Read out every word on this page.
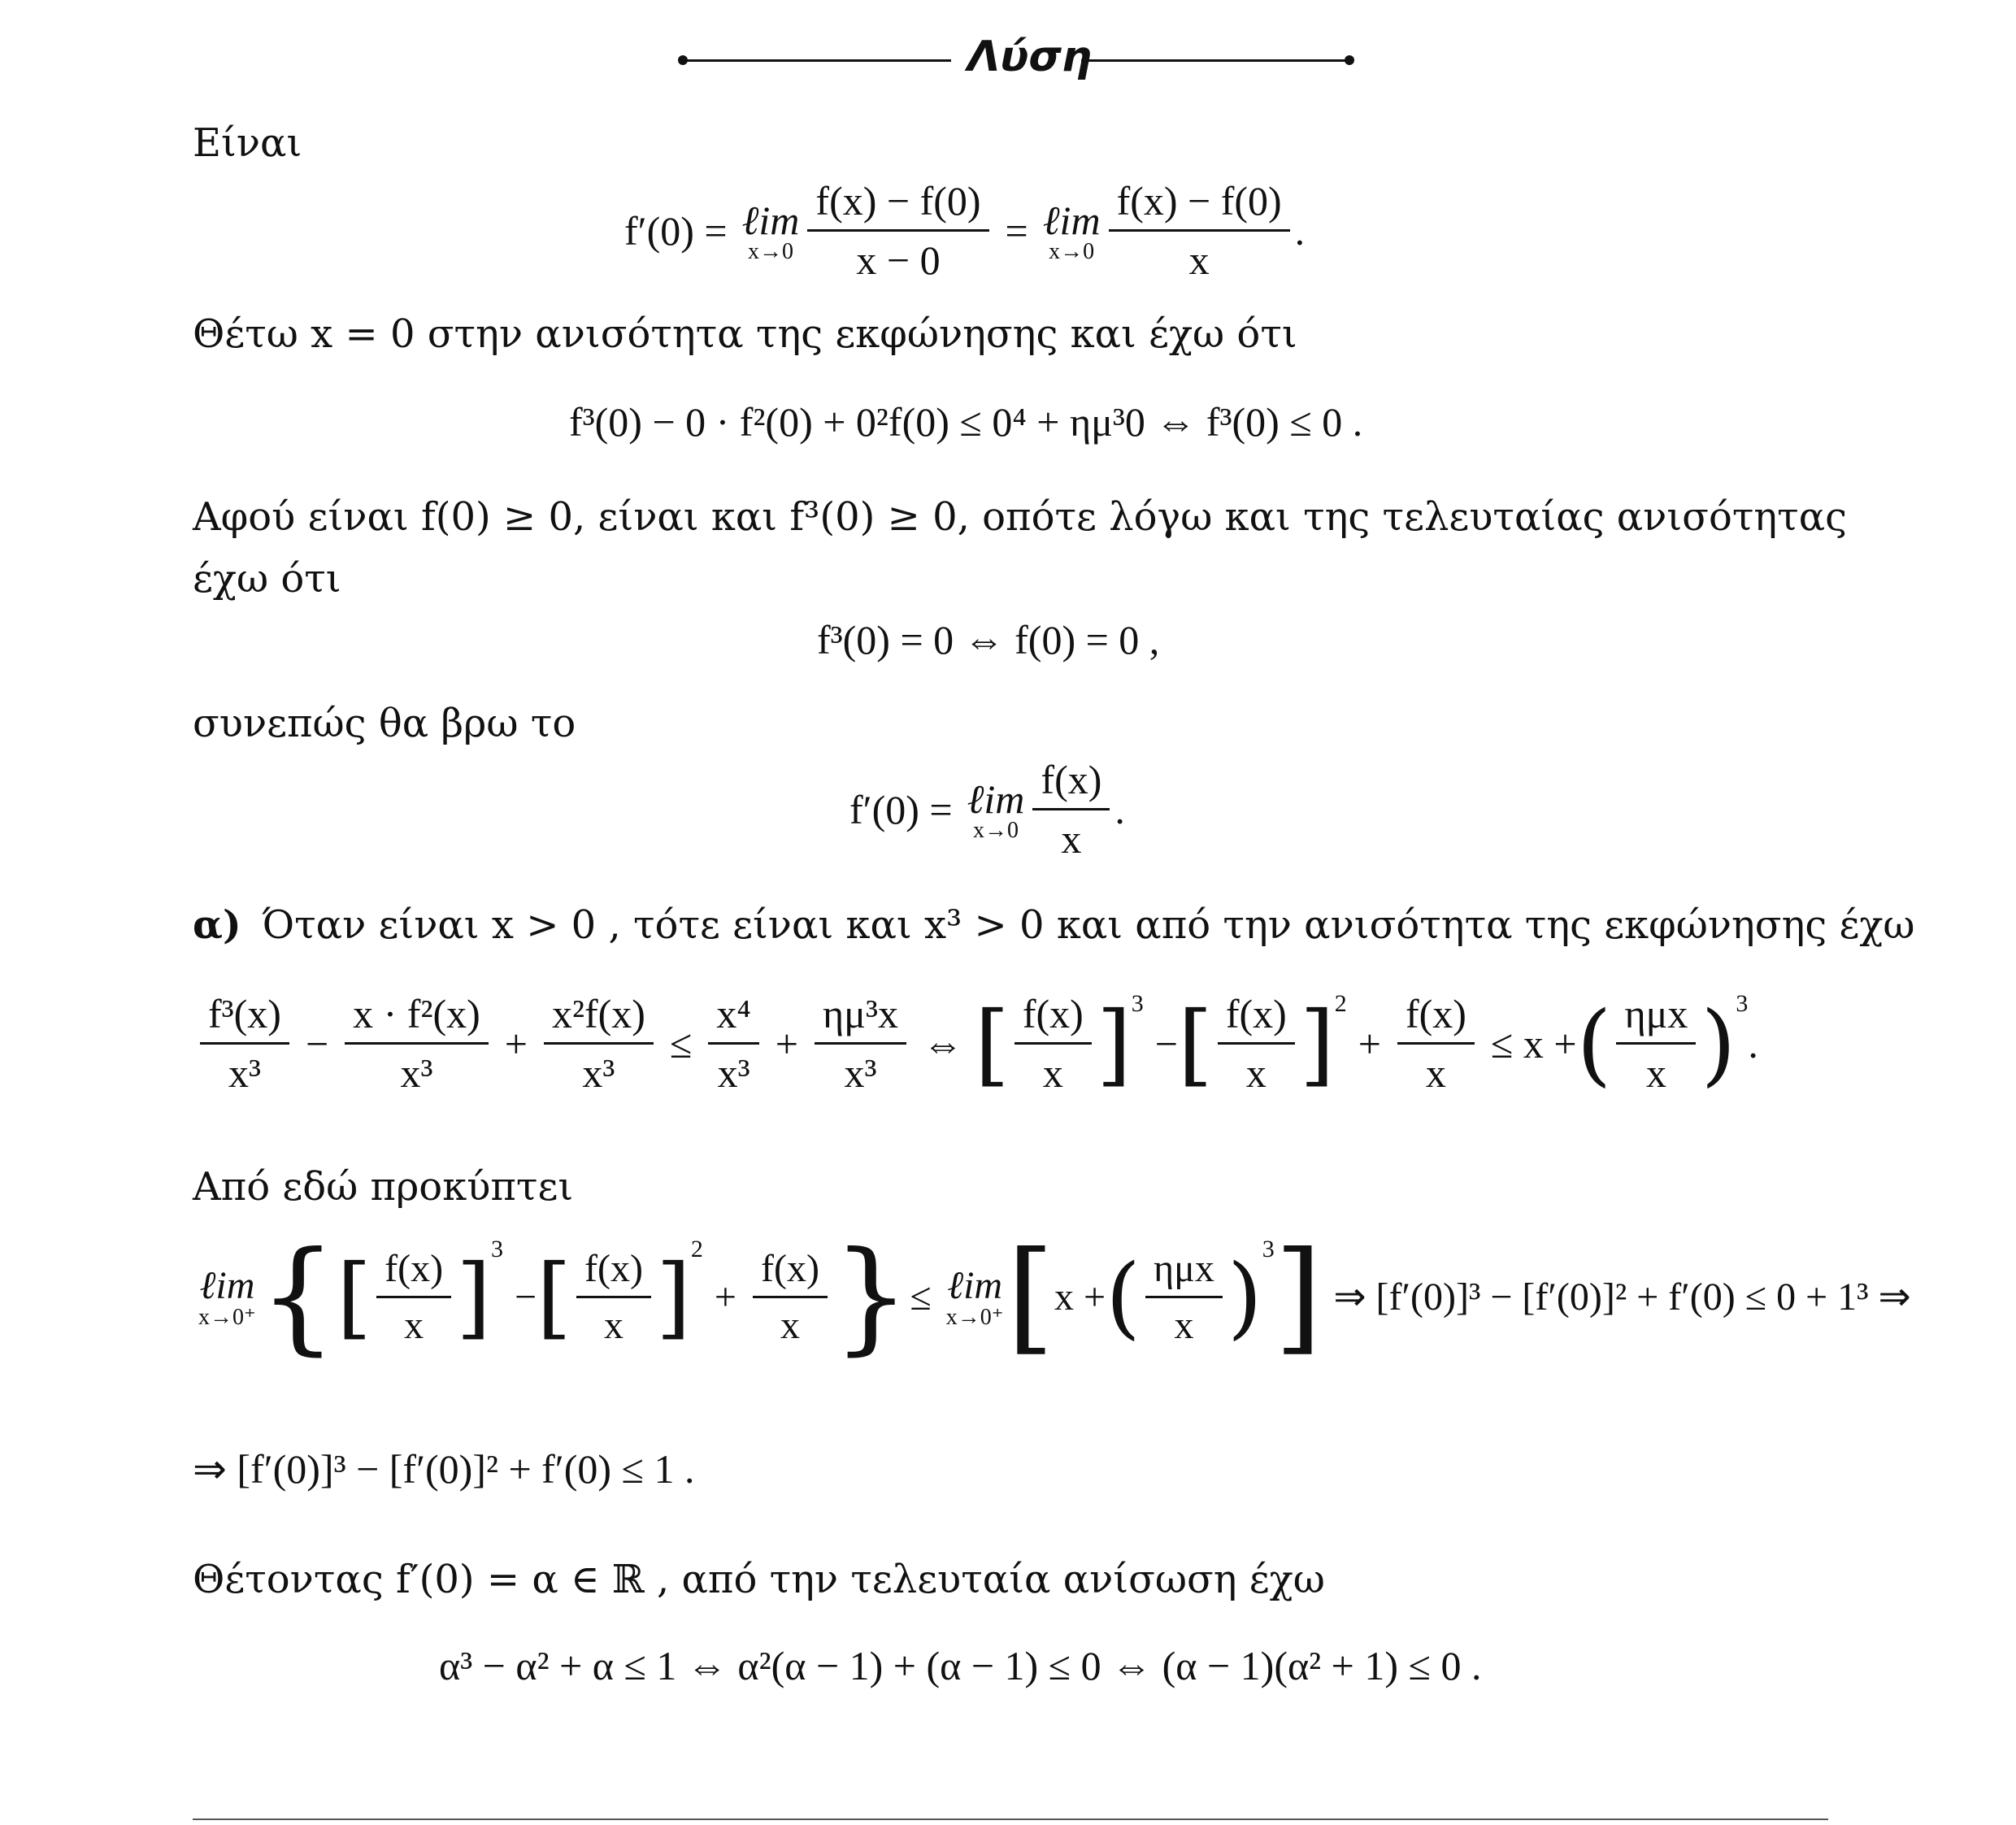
Λύση
Είναι
f′(0) = ℓim
$x\to 0 \frac{f(x) - f(0)}{x - 0}$ = ℓim
$x\to 0 \frac{f(x) - f(0)}{x}$ .
Θέτω x = 0 στην ανισότητα της εκφώνησης και έχω ότι
f³(0) − 0 · f²(0) + 0²f(0) ≤ 0⁴ + ημ³0 ⇔ f³(0) ≤ 0 .
Αφού είναι f(0) ≥ 0, είναι και f³(0) ≥ 0, οπότε λόγω και της τελευταίας ανισότητας
έχω ότι
f³(0) = 0 ⇔ f(0) = 0 ,
συνεπώς θα βρω το
f′(0) = ℓim
$x\to 0 \frac{f(x)}{x}$ .
α) Όταν είναι x > 0 , τότε είναι και x³ > 0 και από την ανισότητα της εκφώνησης έχω
$\frac{\text{f³(x)}}{\text{x³}} - \frac{\text{x · f²(x)}}{\text{x³}} + \frac{\text{x²f(x)}}{\text{x³}} \le \frac{\text{x⁴}}{\text{x³}} + \frac{\text{ημ³x}}{\text{x³}}$ ⇔ [ $\frac{f(x)}{x} ]^3$
− [ $\frac{f(x)}{x} ]^2$
+ $\frac{f(x)}{x} \le x$ + ( $\frac{\text{ημx}}{x} )^3$
.
Από εδώ προκύπτει
ℓim
x→0⁺ { [ $\frac{f(x)}{x} ]^3$
− [ $\frac{f(x)}{x} ]^2$
+ $\frac{f(x)}{x}$ } ≤ ℓim
x→0⁺ [ x + ( $\frac{\text{ημx}}{x} )^3$ ] ⇒ [f′(0)]³ − [f′(0)]² + f′(0) ≤ 0 + 1³ ⇒
⇒ [f′(0)]³ − [f′(0)]² + f′(0) ≤ 1 .
Θέτοντας f′(0) = α ∈ ℝ , από την τελευταία ανίσωση έχω
α³ − α² + α ≤ 1 ⇔ α²(α − 1) + (α − 1) ≤ 0 ⇔ (α − 1)(α² + 1) ≤ 0 .
